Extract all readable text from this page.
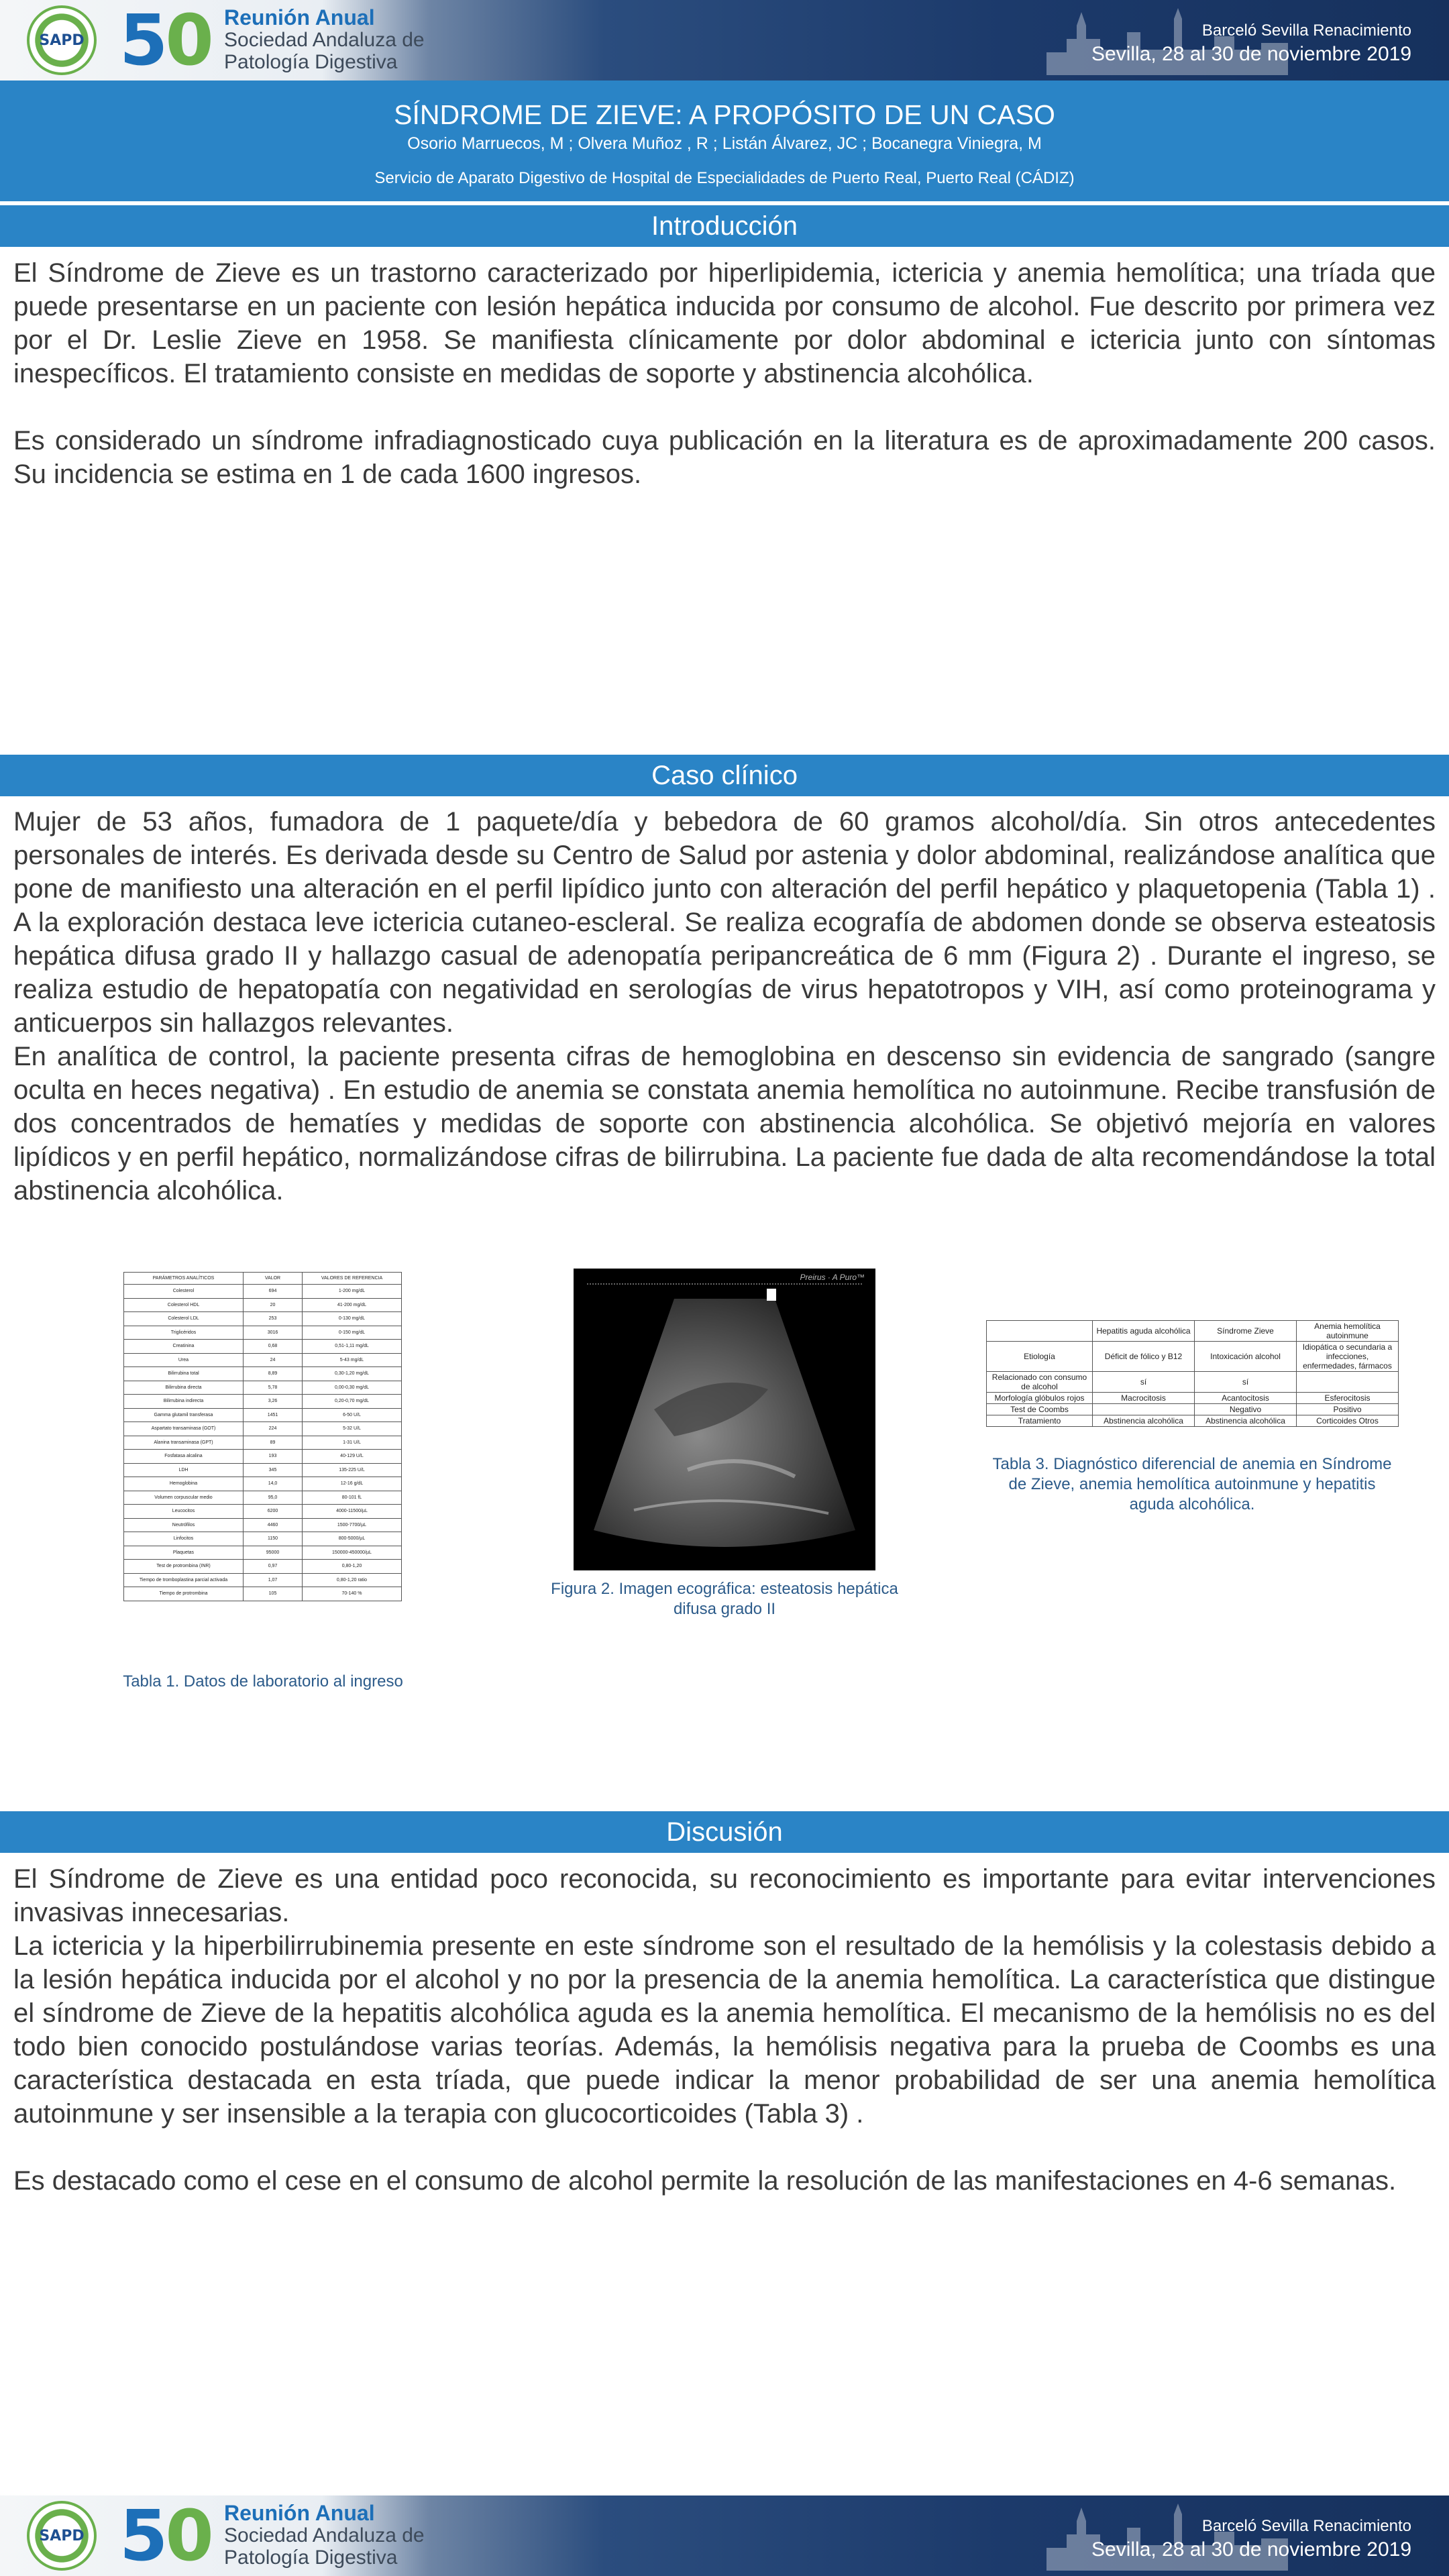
SAPD 5 0 Reunión Anual
Sociedad Andaluza de
Patología Digestiva
Barceló Sevilla Renacimiento
Sevilla, 28 al 30 de noviembre 2019
SÍNDROME DE ZIEVE: A PROPÓSITO DE UN CASO
Osorio Marruecos, M ; Olvera Muñoz , R ; Listán Álvarez, JC ; Bocanegra Viniegra, M
Servicio de Aparato Digestivo de Hospital de Especialidades de Puerto Real, Puerto Real (CÁDIZ)
Introducción

El Síndrome de Zieve es un trastorno caracterizado por hiperlipidemia, ictericia y anemia hemolítica; una tríada que puede presentarse en un paciente con lesión hepática inducida por consumo de alcohol. Fue descrito por primera vez por el Dr. Leslie Zieve en 1958. Se manifiesta clínicamente por dolor abdominal e ictericia junto con síntomas inespecíficos. El tratamiento consiste en medidas de soporte y abstinencia alcohólica.

Es considerado un síndrome infradiagnosticado cuya publicación en la literatura es de aproximadamente 200 casos. Su incidencia se estima en 1 de cada 1600 ingresos.

Caso clínico

Mujer de 53 años, fumadora de 1 paquete/día y bebedora de 60 gramos alcohol/día. Sin otros antecedentes personales de interés. Es derivada desde su Centro de Salud por astenia y dolor abdominal, realizándose analítica que pone de manifiesto una alteración en el perfil lipídico junto con alteración del perfil hepático y plaquetopenia (Tabla 1) . A la exploración destaca leve ictericia cutaneo-escleral. Se realiza ecografía de abdomen donde se observa esteatosis hepática difusa grado II y hallazgo casual de adenopatía peripancreática de 6 mm (Figura 2) . Durante el ingreso, se realiza estudio de hepatopatía con negatividad en serologías de virus hepatotropos y VIH, así como proteinograma y anticuerpos sin hallazgos relevantes.

En analítica de control, la paciente presenta cifras de hemoglobina en descenso sin evidencia de sangrado (sangre oculta en heces negativa) . En estudio de anemia se constata anemia hemolítica no autoinmune. Recibe transfusión de dos concentrados de hematíes y medidas de soporte con abstinencia alcohólica. Se objetivó mejoría en valores lipídicos y en perfil hepático, normalizándose cifras de bilirrubina. La paciente fue dada de alta recomendándose la total abstinencia alcohólica.

PARÁMETROS ANALÍTICOS	VALOR	VALORES DE REFERENCIA
Colesterol	694	1-200 mg/dL
Colesterol HDL	20	41-200 mg/dL
Colesterol LDL	253	0-130 mg/dL
Triglicéridos	3016	0-150 mg/dL
Creatinina	0,68	0,51-1,11 mg/dL
Urea	24	5-43 mg/dL
Bilirrubina total	8,89	0,30-1,20 mg/dL
Bilirrubina directa	5,78	0,00-0,30 mg/dL
Bilirrubina indirecta	3,26	0,20-0,70 mg/dL
Gamma glutamil transferasa	1451	6-50 U/L
Aspartato transaminasa (GOT)	224	5-32 U/L
Alanina transaminasa (GPT)	89	1-31 U/L
Fosfatasa alcalina	193	40-129 U/L
LDH	345	135-225 U/L
Hemoglobina	14,0	12-16 g/dL
Volumen corpuscular medio	95,0	80-101 fL
Leucocitos	6200	4000-11500/µL
Neutrófilos	4460	1500-7700/µL
Linfocitos	1150	800-5000/µL
Plaquetas	95000	150000-450000/µL
Test de protrombina (INR)	0,97	0,80-1,20
Tiempo de tromboplastina parcial activada	1,07	0,80-1,20 ratio
Tiempo de protrombina	105	70-140 %
Tabla 1. Datos de laboratorio al ingreso
Preirus · A Puro™
Figura 2. Imagen ecográfica: esteatosis hepática difusa grado II
	Hepatitis aguda alcohólica	Síndrome Zieve	Anemia hemolítica autoinmune
Etiología	Déficit de fólico y B12	Intoxicación alcohol	Idiopática o secundaria a infecciones, enfermedades, fármacos
Relacionado con consumo de alcohol	sí	sí	
Morfología glóbulos rojos	Macrocitosis	Acantocitosis	Esferocitosis
Test de Coombs		Negativo	Positivo
Tratamiento	Abstinencia alcohólica	Abstinencia alcohólica	Corticoides Otros
Tabla 3. Diagnóstico diferencial de anemia en Síndrome de Zieve, anemia hemolítica autoinmune y hepatitis aguda alcohólica.
Discusión

El Síndrome de Zieve es una entidad poco reconocida, su reconocimiento es importante para evitar intervenciones invasivas innecesarias.

La ictericia y la hiperbilirrubinemia presente en este síndrome son el resultado de la hemólisis y la colestasis debido a la lesión hepática inducida por el alcohol y no por la presencia de la anemia hemolítica. La característica que distingue el síndrome de Zieve de la hepatitis alcohólica aguda es la anemia hemolítica. El mecanismo de la hemólisis no es del todo bien conocido postulándose varias teorías. Además, la hemólisis negativa para la prueba de Coombs es una característica destacada en esta tríada, que puede indicar la menor probabilidad de ser una anemia hemolítica autoinmune y ser insensible a la terapia con glucocorticoides (Tabla 3) .

Es destacado como el cese en el consumo de alcohol permite la resolución de las manifestaciones en 4-6 semanas.

SAPD 5 0 Reunión Anual
Sociedad Andaluza de
Patología Digestiva
Barceló Sevilla Renacimiento
Sevilla, 28 al 30 de noviembre 2019
